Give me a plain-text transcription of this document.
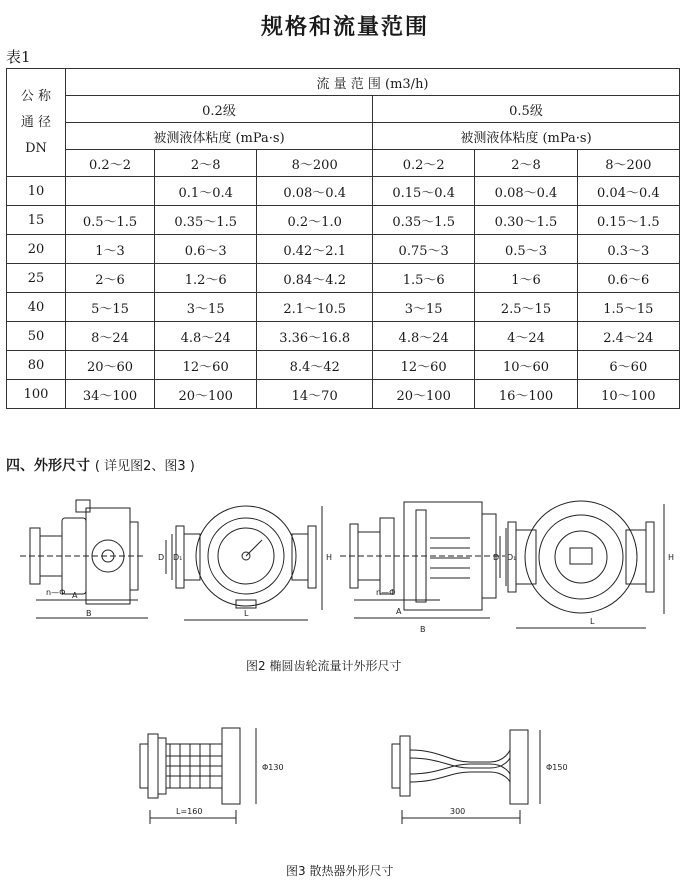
规格和流量范围
表1
公 称
通 径
DN	流 量 范 围 (m3/h)					
	0.2级			0.5级		
	被测液体粘度 (mPa·s)			被测液体粘度 (mPa·s)		
	0.2～2	2～8	8～200	0.2～2	2～8	8～200
10		0.1～0.4	0.08～0.4	0.15～0.4	0.08～0.4	0.04～0.4
15	0.5～1.5	0.35～1.5	0.2～1.0	0.35～1.5	0.30～1.5	0.15～1.5
20	1～3	0.6～3	0.42～2.1	0.75～3	0.5～3	0.3～3
25	2～6	1.2～6	0.84～4.2	1.5～6	1～6	0.6～6
40	5～15	3～15	2.1～10.5	3～15	2.5～15	1.5～15
50	8～24	4.8～24	3.36～16.8	4.8～24	4～24	2.4～24
80	20～60	12～60	8.4～42	12～60	10～60	6～60
100	34～100	20～100	14～70	20～100	16～100	10～100
四、外形尺寸 ( 详见图2、图3 )
n—Φ A
B
D D₁	H
L
n—Φ
A
B
D D₁	H
L
图2 椭圆齿轮流量计外形尺寸
Φ130
L=160
Φ150
300
图3 散热器外形尺寸
